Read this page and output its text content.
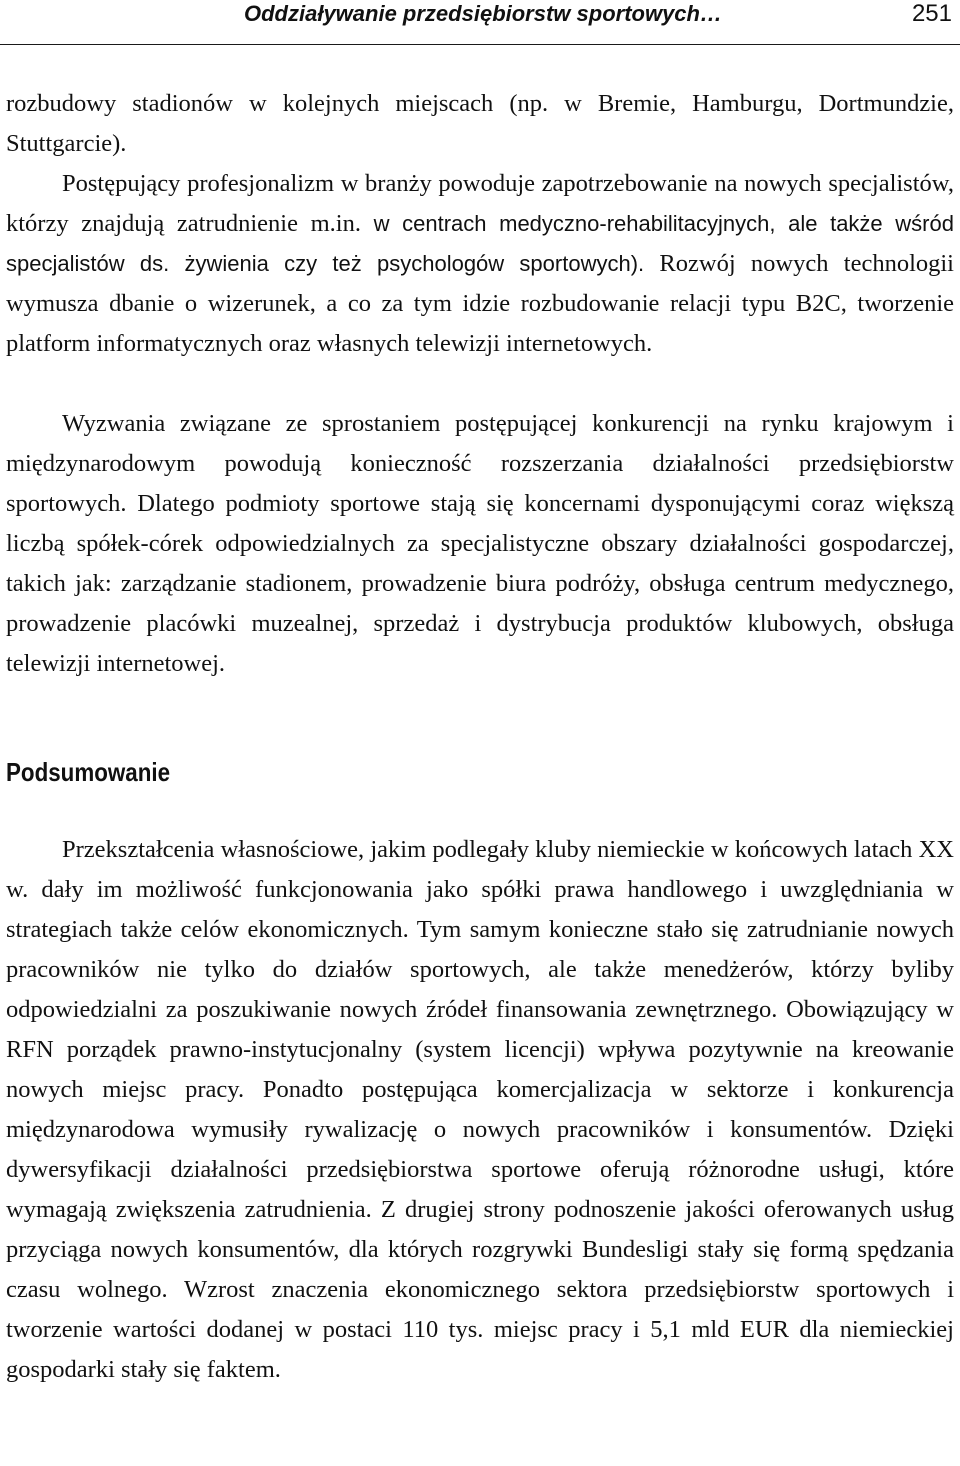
Oddziaływanie przedsiębiorstw sportowych…	251

rozbudowy stadionów w kolejnych miejscach (np. w Bremie, Hamburgu, Dortmundzie, Stuttgarcie).

Postępujący profesjonalizm w branży powoduje zapotrzebowanie na nowych specjalistów, którzy znajdują zatrudnienie m.in. w centrach medyczno-rehabilitacyjnych, ale także wśród specjalistów ds. żywienia czy też psychologów sportowych). Rozwój nowych technologii wymusza dbanie o wizerunek, a co za tym idzie rozbudowanie relacji typu B2C, tworzenie platform informatycznych oraz własnych telewizji internetowych.

Wyzwania związane ze sprostaniem postępującej konkurencji na rynku krajowym i międzynarodowym powodują konieczność rozszerzania działalności przedsiębiorstw sportowych. Dlatego podmioty sportowe stają się koncernami dysponującymi coraz większą liczbą spółek-córek odpowiedzialnych za specjalistyczne obszary działalności gospodarczej, takich jak: zarządzanie stadionem, prowadzenie biura podróży, obsługa centrum medycznego, prowadzenie placówki muzealnej, sprzedaż i dystrybucja produktów klubowych, obsługa telewizji internetowej.

Podsumowanie

Przekształcenia własnościowe, jakim podlegały kluby niemieckie w końcowych latach XX w. dały im możliwość funkcjonowania jako spółki prawa handlowego i uwzględniania w strategiach także celów ekonomicznych. Tym samym konieczne stało się zatrudnianie nowych pracowników nie tylko do działów sportowych, ale także menedżerów, którzy byliby odpowiedzialni za poszukiwanie nowych źródeł finansowania zewnętrznego. Obowiązujący w RFN porządek prawno-instytucjonalny (system licencji) wpływa pozytywnie na kreowanie nowych miejsc pracy. Ponadto postępująca komercjalizacja w sektorze i konkurencja międzynarodowa wymusiły rywalizację o nowych pracowników i konsumentów. Dzięki dywersyfikacji działalności przedsiębiorstwa sportowe oferują różnorodne usługi, które wymagają zwiększenia zatrudnienia. Z drugiej strony podnoszenie jakości oferowanych usług przyciąga nowych konsumentów, dla których rozgrywki Bundesligi stały się formą spędzania czasu wolnego. Wzrost znaczenia ekonomicznego sektora przedsiębiorstw sportowych i tworzenie wartości dodanej w postaci 110 tys. miejsc pracy i 5,1 mld EUR dla niemieckiej gospodarki stały się faktem.
